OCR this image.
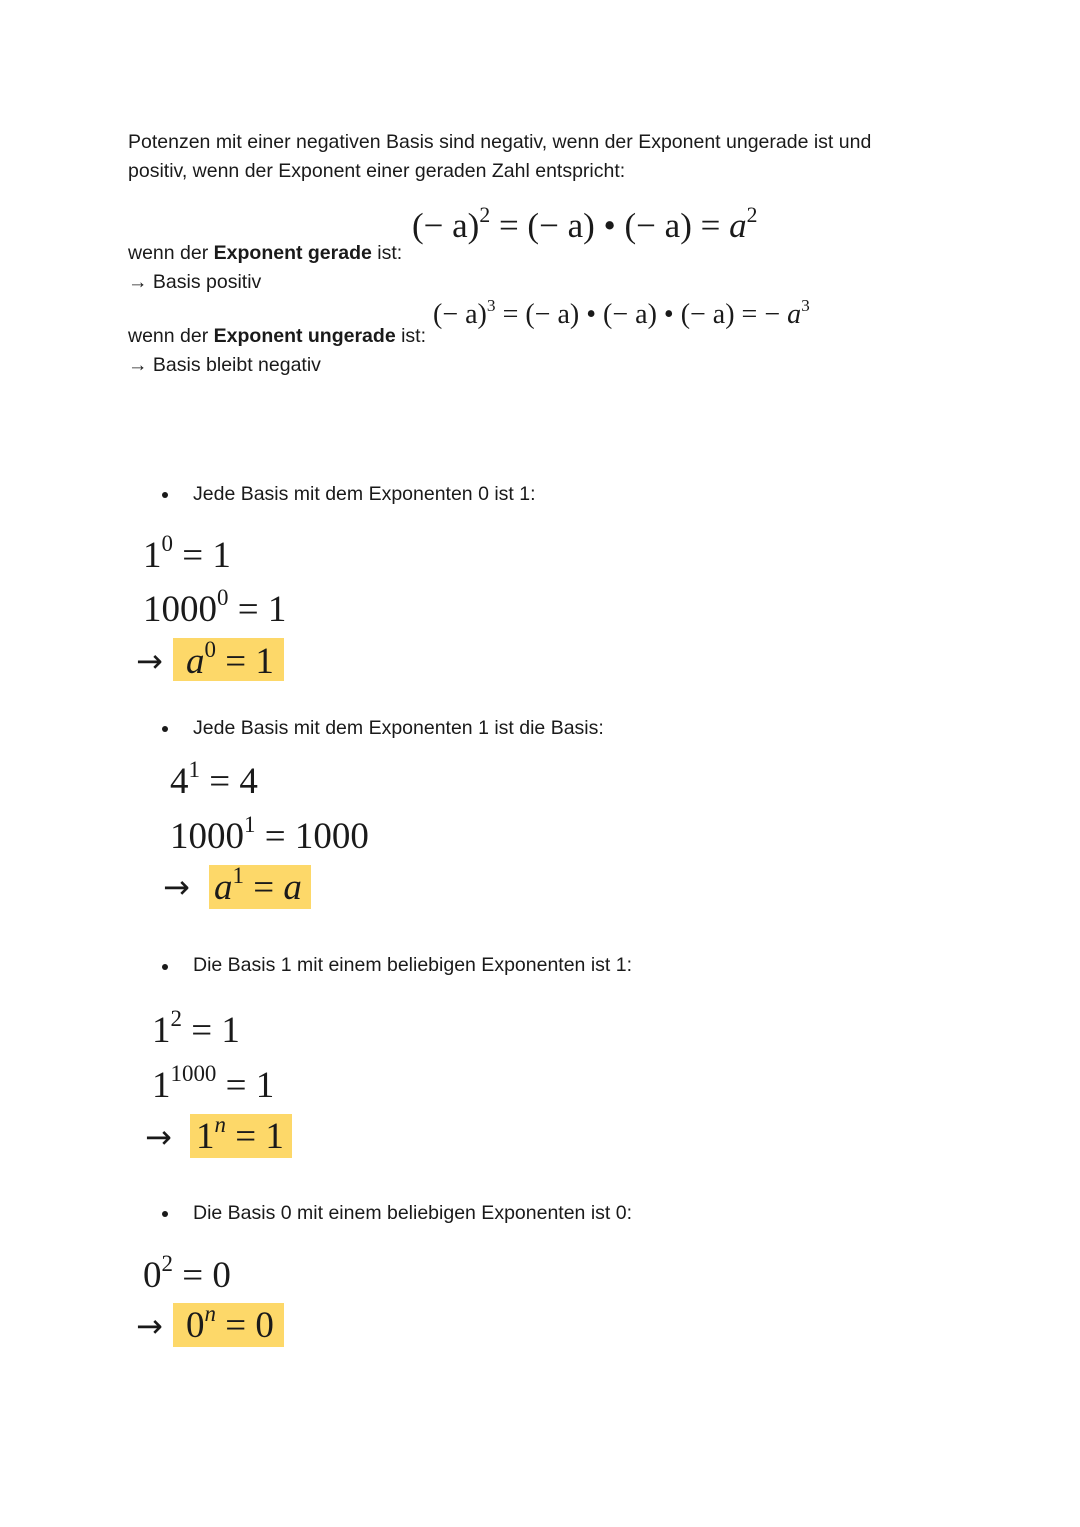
Potenzen mit einer negativen Basis sind negativ, wenn der Exponent ungerade ist und
positiv, wenn der Exponent einer geraden Zahl entspricht:
(− a)$^2$ = (− a) • (− $a) = a^2$
wenn der Exponent gerade ist:
→ Basis positiv
(− a)$^3$ = (− a) • (− a) • (− a) = − $a^3$
wenn der Exponent ungerade ist:
→ Basis bleibt negativ
Jede Basis mit dem Exponenten 0 ist 1:
$1^0 = 1$
$1000^0 = 1$
→ $a^0 = 1$
Jede Basis mit dem Exponenten 1 ist die Basis:
$4^1 = 4$
$1000^1 = 1000$
→ $a^1 = a$
Die Basis 1 mit einem beliebigen Exponenten ist 1:
$1^2 = 1$
$1^{1000} = 1$
→ $1^n = 1$
Die Basis 0 mit einem beliebigen Exponenten ist 0:
$0^2 = 0$
→ $0^n = 0$
